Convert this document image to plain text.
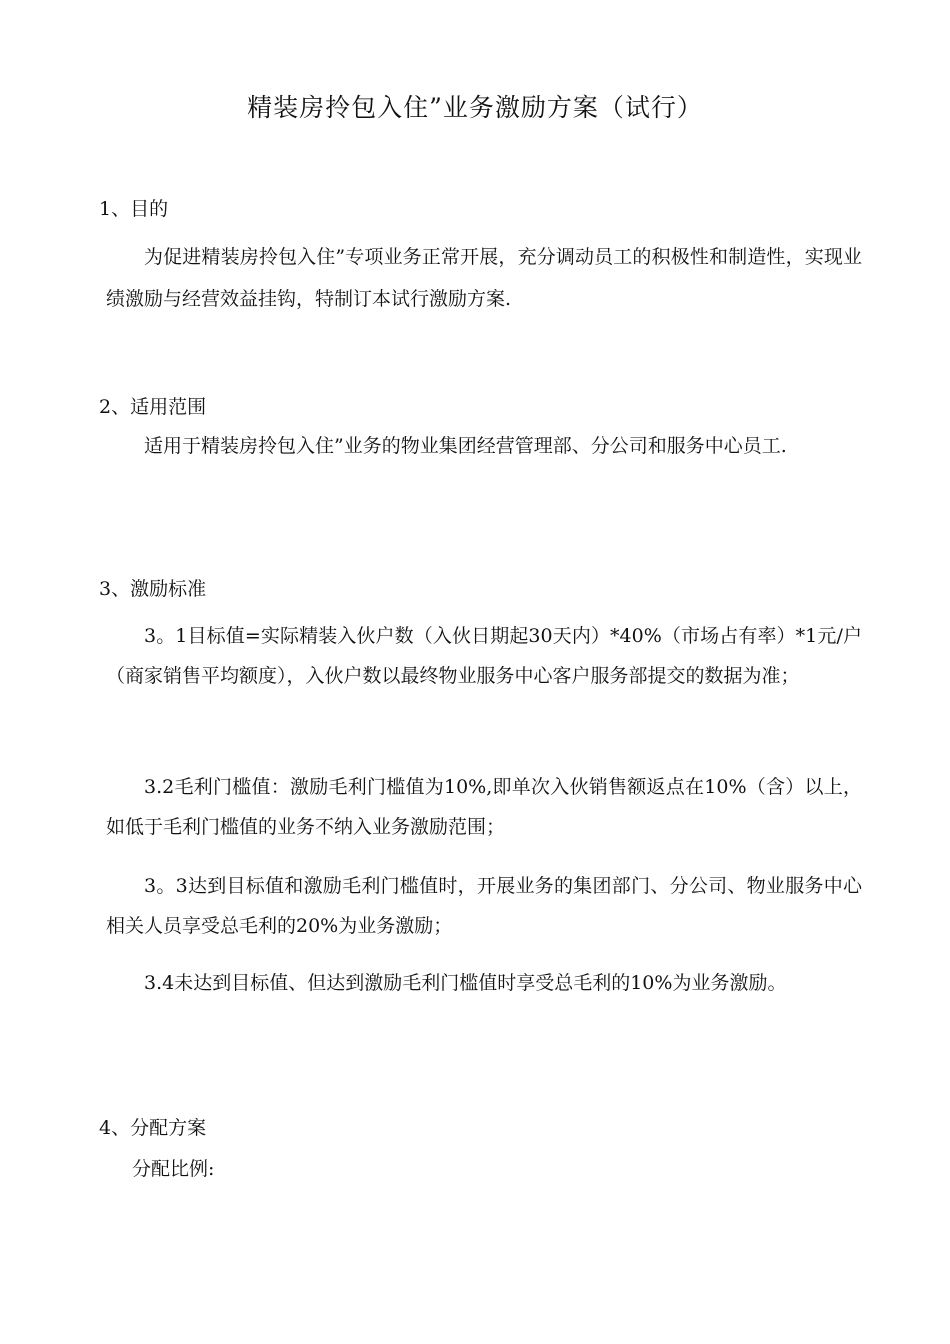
精装房拎包入住”业务激励方案（试行）
1、目的
为促进精装房拎包入住”专项业务正常开展，充分调动员工的积极性和制造性，实现业绩激励与经营效益挂钩，特制订本试行激励方案.
2、适用范围
适用于精装房拎包入住”业务的物业集团经营管理部、分公司和服务中心员工.
3、激励标准
3。1目标值=实际精装入伙户数（入伙日期起30天内）*40%（市场占有率）*1元/户（商家销售平均额度），入伙户数以最终物业服务中心客户服务部提交的数据为准；
3.2毛利门槛值：激励毛利门槛值为10%,即单次入伙销售额返点在10%（含）以上，如低于毛利门槛值的业务不纳入业务激励范围；
3。3达到目标值和激励毛利门槛值时，开展业务的集团部门、分公司、物业服务中心相关人员享受总毛利的20%为业务激励；
3.4未达到目标值、但达到激励毛利门槛值时享受总毛利的10%为业务激励。
4、分配方案
分配比例:
